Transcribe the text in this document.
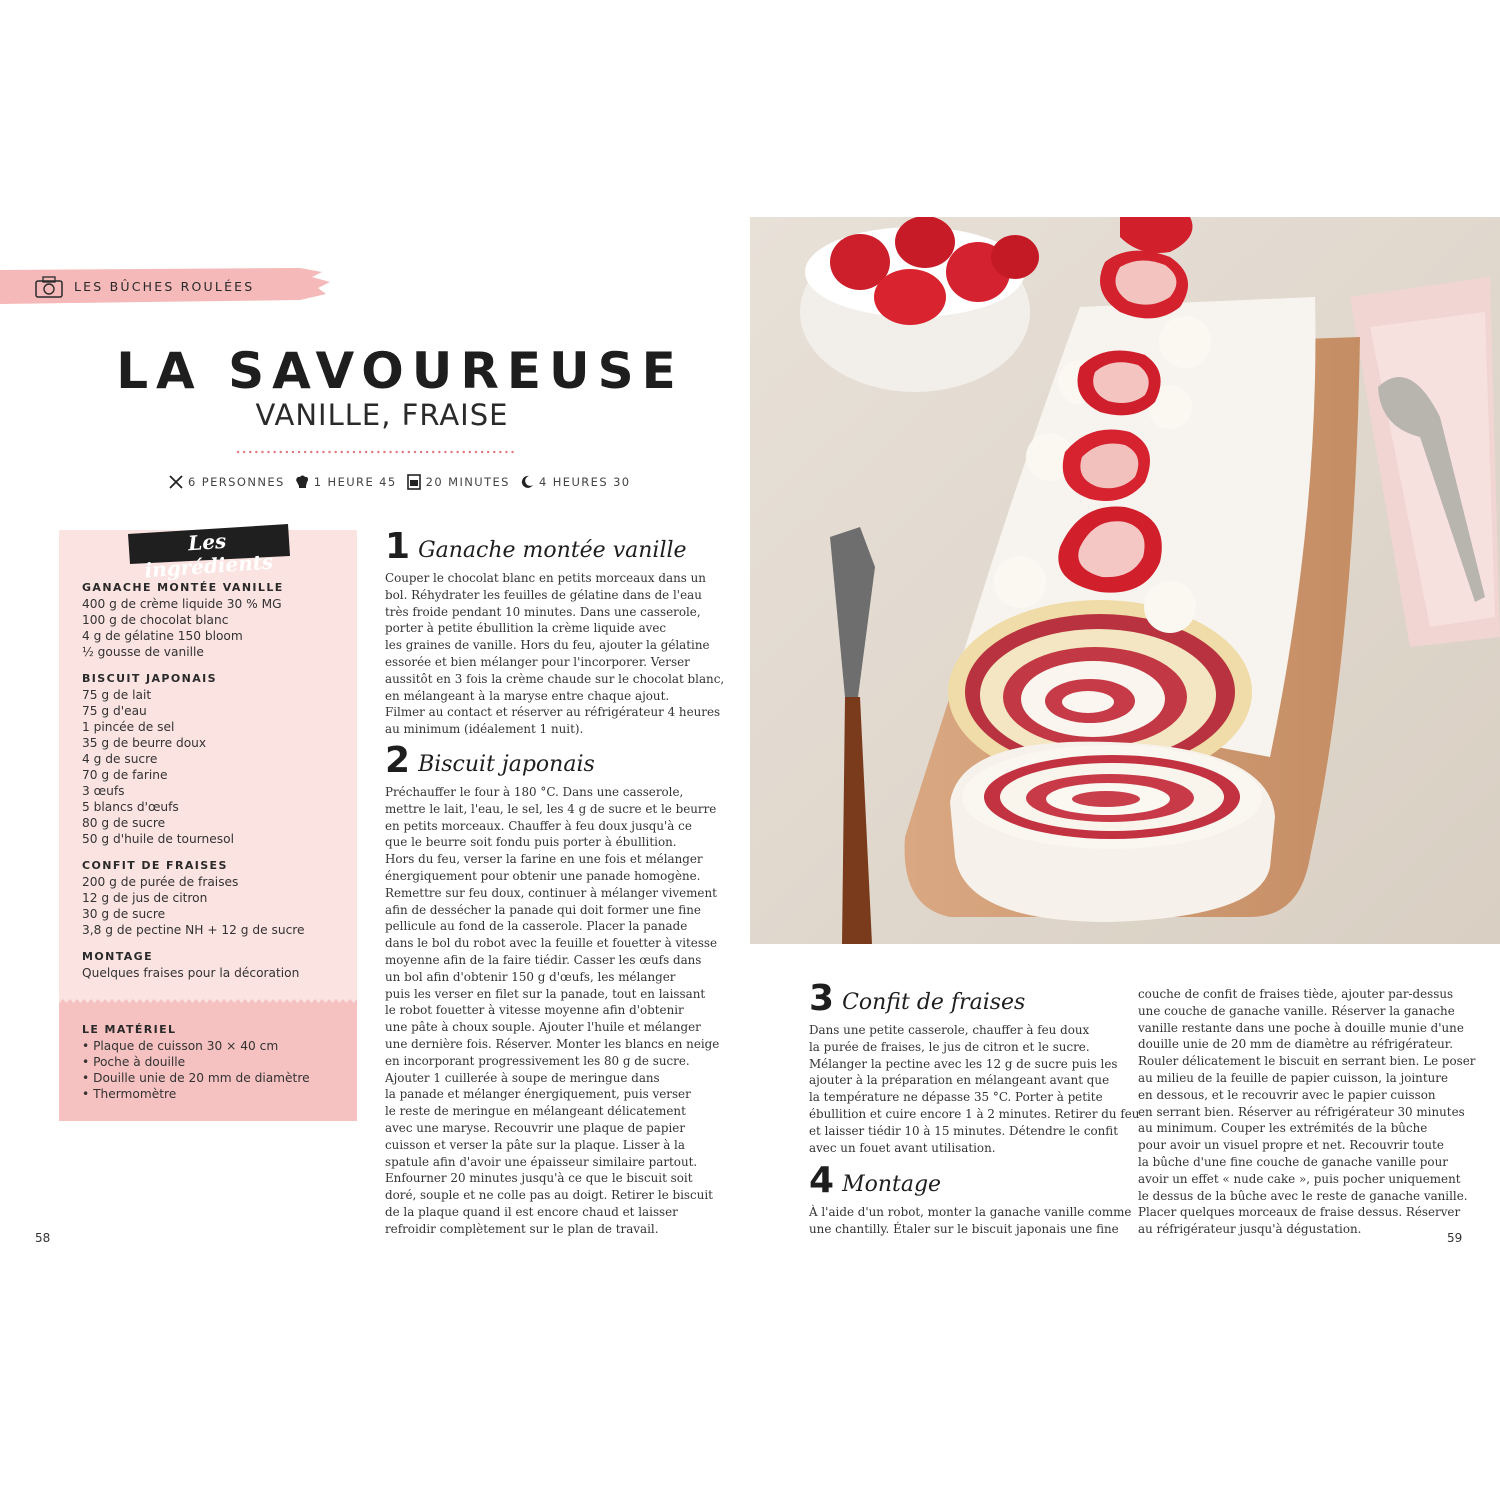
LES BÛCHES ROULÉES
LA SAVOUREUSE
VANILLE, FRAISE
6 PERSONNES
	1 HEURE 45
	20 MINUTES
	4 HEURES 30
Les ingrédients
GANACHE MONTÉE VANILLE
400 g de crème liquide 30 % MG
100 g de chocolat blanc
4 g de gélatine 150 bloom
½ gousse de vanille
BISCUIT JAPONAIS
75 g de lait
75 g d'eau
1 pincée de sel
35 g de beurre doux
4 g de sucre
70 g de farine
3 œufs
5 blancs d'œufs
80 g de sucre
50 g d'huile de tournesol
CONFIT DE FRAISES
200 g de purée de fraises
12 g de jus de citron
30 g de sucre
3,8 g de pectine NH + 12 g de sucre
MONTAGE
Quelques fraises pour la décoration
LE MATÉRIEL
• Plaque de cuisson 30 × 40 cm
• Poche à douille
• Douille unie de 20 mm de diamètre
• Thermomètre
1 Ganache montée vanille
Couper le chocolat blanc en petits morceaux dans un
bol. Réhydrater les feuilles de gélatine dans de l'eau
très froide pendant 10 minutes. Dans une casserole,
porter à petite ébullition la crème liquide avec
les graines de vanille. Hors du feu, ajouter la gélatine
essorée et bien mélanger pour l'incorporer. Verser
aussitôt en 3 fois la crème chaude sur le chocolat blanc,
en mélangeant à la maryse entre chaque ajout.
Filmer au contact et réserver au réfrigérateur 4 heures
au minimum (idéalement 1 nuit).
2 Biscuit japonais
Préchauffer le four à 180 °C. Dans une casserole,
mettre le lait, l'eau, le sel, les 4 g de sucre et le beurre
en petits morceaux. Chauffer à feu doux jusqu'à ce
que le beurre soit fondu puis porter à ébullition.
Hors du feu, verser la farine en une fois et mélanger
énergiquement pour obtenir une panade homogène.
Remettre sur feu doux, continuer à mélanger vivement
afin de dessécher la panade qui doit former une fine
pellicule au fond de la casserole. Placer la panade
dans le bol du robot avec la feuille et fouetter à vitesse
moyenne afin de la faire tiédir. Casser les œufs dans
un bol afin d'obtenir 150 g d'œufs, les mélanger
puis les verser en filet sur la panade, tout en laissant
le robot fouetter à vitesse moyenne afin d'obtenir
une pâte à choux souple. Ajouter l'huile et mélanger
une dernière fois. Réserver. Monter les blancs en neige
en incorporant progressivement les 80 g de sucre.
Ajouter 1 cuillerée à soupe de meringue dans
la panade et mélanger énergiquement, puis verser
le reste de meringue en mélangeant délicatement
avec une maryse. Recouvrir une plaque de papier
cuisson et verser la pâte sur la plaque. Lisser à la
spatule afin d'avoir une épaisseur similaire partout.
Enfourner 20 minutes jusqu'à ce que le biscuit soit
doré, souple et ne colle pas au doigt. Retirer le biscuit
de la plaque quand il est encore chaud et laisser
refroidir complètement sur le plan de travail.
3 Confit de fraises
Dans une petite casserole, chauffer à feu doux
la purée de fraises, le jus de citron et le sucre.
Mélanger la pectine avec les 12 g de sucre puis les
ajouter à la préparation en mélangeant avant que
la température ne dépasse 35 °C. Porter à petite
ébullition et cuire encore 1 à 2 minutes. Retirer du feu
et laisser tiédir 10 à 15 minutes. Détendre le confit
avec un fouet avant utilisation.
4 Montage
À l'aide d'un robot, monter la ganache vanille comme
une chantilly. Étaler sur le biscuit japonais une fine
couche de confit de fraises tiède, ajouter par-dessus
une couche de ganache vanille. Réserver la ganache
vanille restante dans une poche à douille munie d'une
douille unie de 20 mm de diamètre au réfrigérateur.
Rouler délicatement le biscuit en serrant bien. Le poser
au milieu de la feuille de papier cuisson, la jointure
en dessous, et le recouvrir avec le papier cuisson
en serrant bien. Réserver au réfrigérateur 30 minutes
au minimum. Couper les extrémités de la bûche
pour avoir un visuel propre et net. Recouvrir toute
la bûche d'une fine couche de ganache vanille pour
avoir un effet « nude cake », puis pocher uniquement
le dessus de la bûche avec le reste de ganache vanille.
Placer quelques morceaux de fraise dessus. Réserver
au réfrigérateur jusqu'à dégustation.
58	59
